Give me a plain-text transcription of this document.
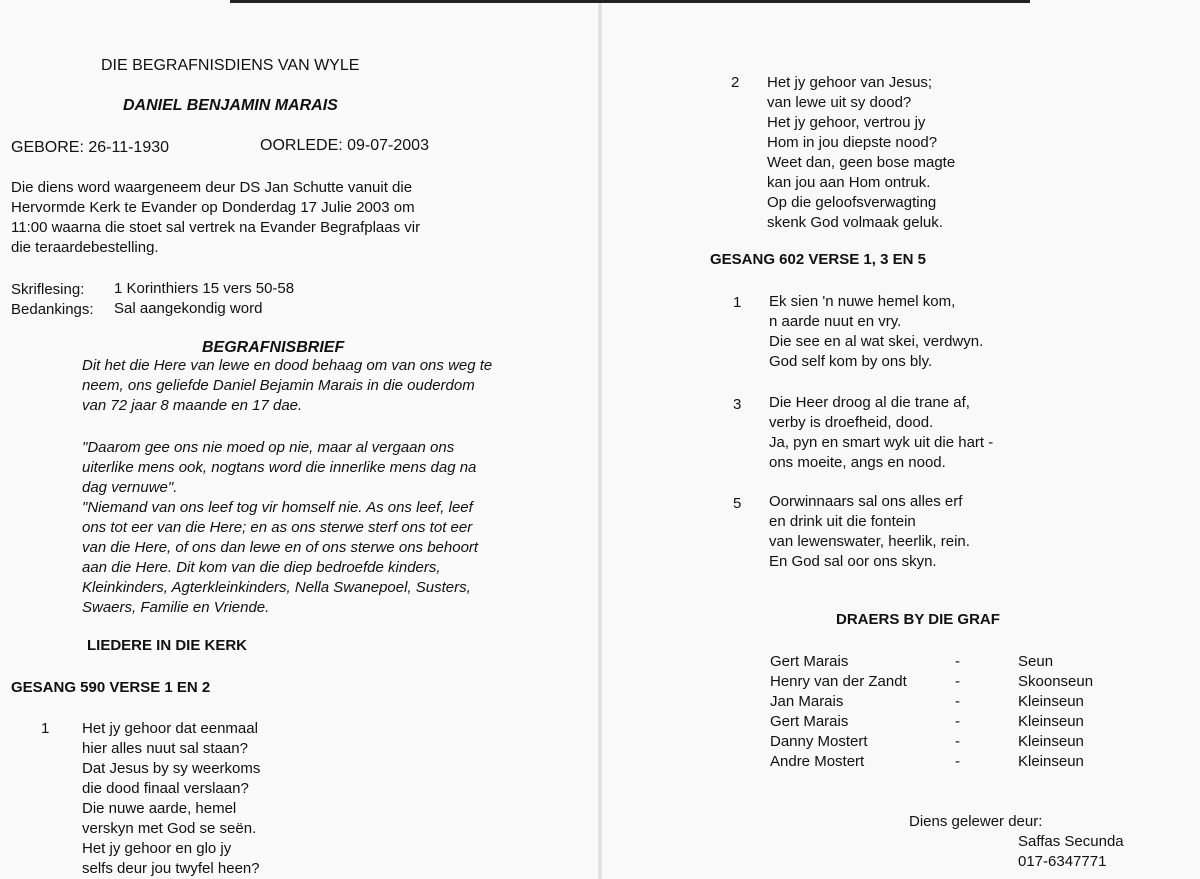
DIE BEGRAFNISDIENS VAN WYLE
DANIEL BENJAMIN MARAIS
GEBORE: 26-11-1930	OORLEDE: 09-07-2003
Die diens word waargeneem deur DS Jan Schutte vanuit die
Hervormde Kerk te Evander op Donderdag 17 Julie 2003 om
11:00 waarna die stoet sal vertrek na Evander Begrafplaas vir
die teraardebestelling.
Skriflesing: 1 Korinthiers 15 vers 50-58
Bedankings: Sal aangekondig word
BEGRAFNISBRIEF
Dit het die Here van lewe en dood behaag om van ons weg te
neem, ons geliefde Daniel Bejamin Marais in die ouderdom
van 72 jaar 8 maande en 17 dae.
"Daarom gee ons nie moed op nie, maar al vergaan ons
uiterlike mens ook, nogtans word die innerlike mens dag na
dag vernuwe".
"Niemand van ons leef tog vir homself nie. As ons leef, leef
ons tot eer van die Here; en as ons sterwe sterf ons tot eer
van die Here, of ons dan lewe en of ons sterwe ons behoort
aan die Here. Dit kom van die diep bedroefde kinders,
Kleinkinders, Agterkleinkinders, Nella Swanepoel, Susters,
Swaers, Familie en Vriende.
LIEDERE IN DIE KERK
GESANG 590 VERSE 1 EN 2
1 Het jy gehoor dat eenmaal
hier alles nuut sal staan?
Dat Jesus by sy weerkoms
die dood finaal verslaan?
Die nuwe aarde, hemel
verskyn met God se seën.
Het jy gehoor en glo jy
selfs deur jou twyfel heen?
2 Het jy gehoor van Jesus;
van lewe uit sy dood?
Het jy gehoor, vertrou jy
Hom in jou diepste nood?
Weet dan, geen bose magte
kan jou aan Hom ontruk.
Op die geloofsverwagting
skenk God volmaak geluk.
GESANG 602 VERSE 1, 3 EN 5
1 Ek sien 'n nuwe hemel kom,
n aarde nuut en vry.
Die see en al wat skei, verdwyn.
God self kom by ons bly.
3 Die Heer droog al die trane af,
verby is droefheid, dood.
Ja, pyn en smart wyk uit die hart -
ons moeite, angs en nood.
5 Oorwinnaars sal ons alles erf
en drink uit die fontein
van lewenswater, heerlik, rein.
En God sal oor ons skyn.
DRAERS BY DIE GRAF
Gert Marais	-	Seun
Henry van der Zandt	-	Skoonseun
Jan Marais	-	Kleinseun
Gert Marais	-	Kleinseun
Danny Mostert	-	Kleinseun
Andre Mostert	-	Kleinseun
Diens gelewer deur:
Saffas Secunda
017-6347771
